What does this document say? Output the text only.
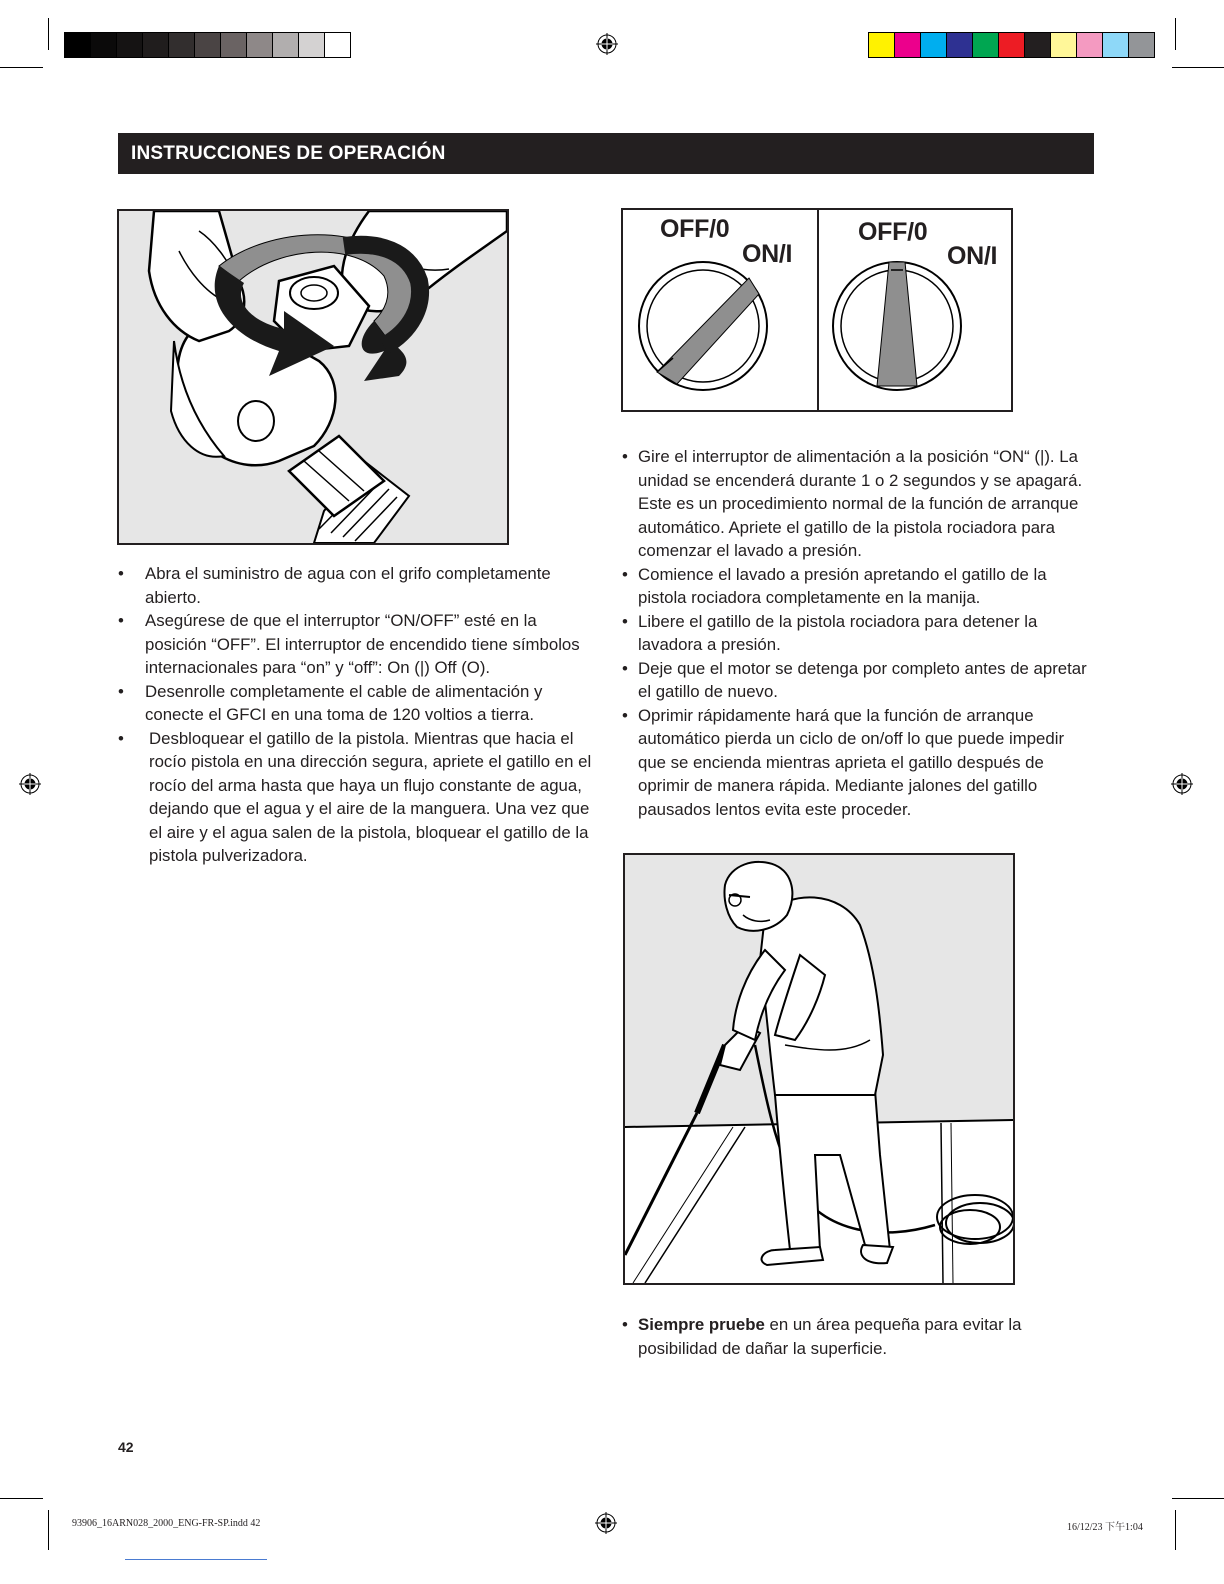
INSTRUCCIONES DE OPERACIÓN
OFF/0
ON/I
OFF/0
ON/I
• Abra el suministro de agua con el grifo completamente abierto.
• Asegúrese de que el interruptor “ON/OFF” esté en la posición “OFF”. El interruptor de encendido tiene símbolos internacionales para “on” y “off”: On (|) Off (O).
• Desenrolle completamente el cable de alimentación y conecte el GFCI en una toma de 120 voltios a tierra.
• Desbloquear el gatillo de la pistola. Mientras que hacia el rocío pistola en una dirección segura, apriete el gatillo en el rocío del arma hasta que haya un flujo constante de agua, dejando que el agua y el aire de la manguera. Una vez que el aire y el agua salen de la pistola, bloquear el gatillo de la pistola pulverizadora.
• Gire el interruptor de alimentación a la posición “ON“ (|). La unidad se encenderá durante 1 o 2 segundos y se apagará. Este es un procedimiento normal de la función de arranque automático. Apriete el gatillo de la pistola rociadora para comenzar el lavado a presión.
• Comience el lavado a presión apretando el gatillo de la pistola rociadora completamente en la manija.
• Libere el gatillo de la pistola rociadora para detener la lavadora a presión.
• Deje que el motor se detenga por completo antes de apretar el gatillo de nuevo.
• Oprimir rápidamente hará que la función de arranque automático pierda un ciclo de on/off lo que puede impedir que se encienda mientras aprieta el gatillo después de oprimir de manera rápida. Mediante jalones del gatillo pausados lentos evita este proceder.
• Siempre pruebe en un área pequeña para evitar la posibilidad de dañar la superficie.
42
93906_16ARN028_2000_ENG-FR-SP.indd 42	16/12/23 下午1:04
